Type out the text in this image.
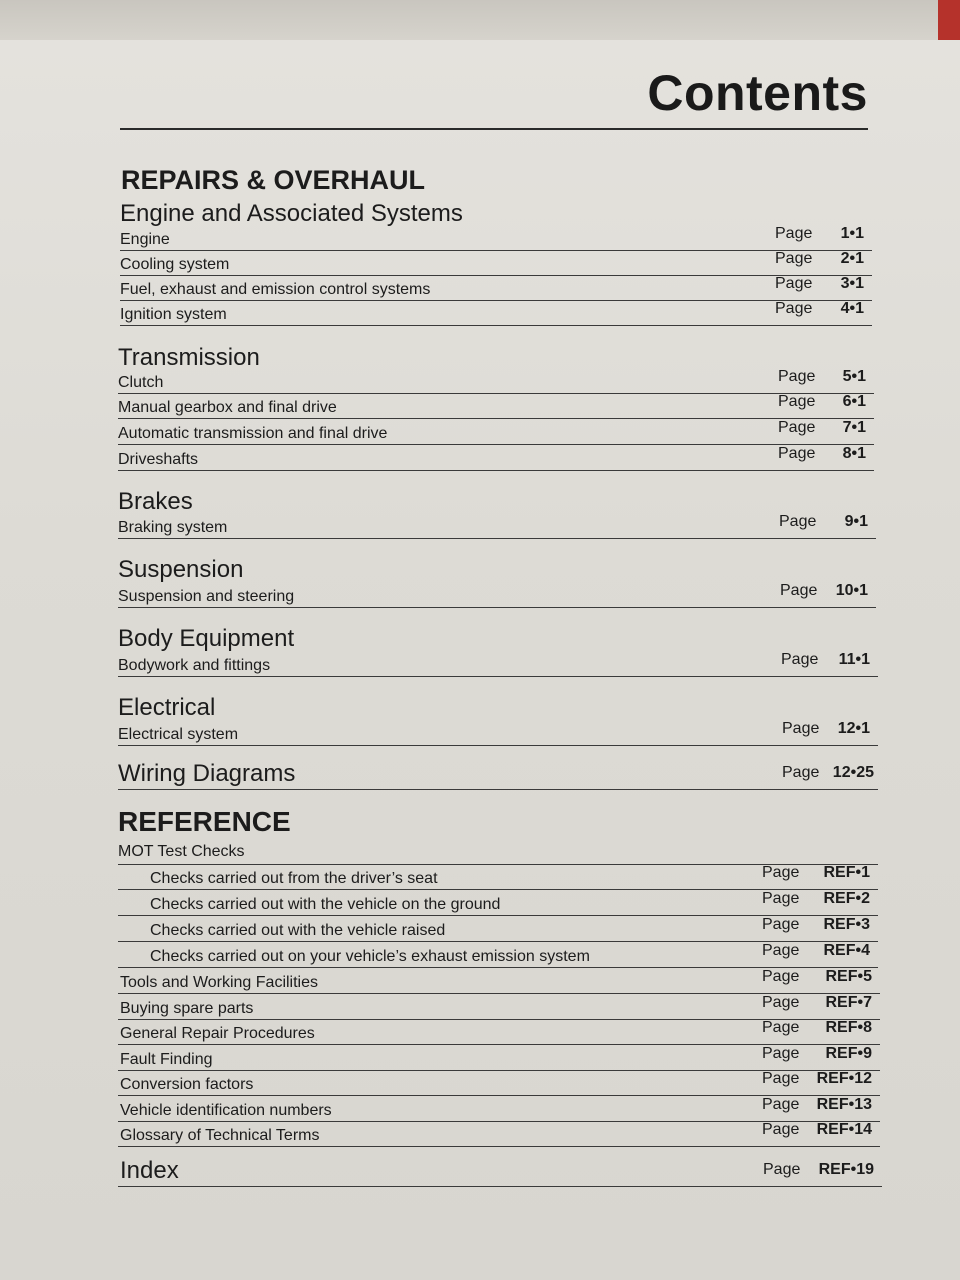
Contents
REPAIRS & OVERHAUL
Engine and Associated Systems
Engine	Page 1•1
Cooling system	Page 2•1
Fuel, exhaust and emission control systems	Page 3•1
Ignition system	Page 4•1
Transmission
Clutch	Page 5•1
Manual gearbox and final drive	Page 6•1
Automatic transmission and final drive	Page 7•1
Driveshafts	Page 8•1
Brakes
Braking system	Page 9•1
Suspension
Suspension and steering	Page 10•1
Body Equipment
Bodywork and fittings	Page 11•1
Electrical
Electrical system	Page 12•1
Wiring Diagrams	Page 12•25
REFERENCE
MOT Test Checks
Checks carried out from the driver’s seat	Page REF•1
Checks carried out with the vehicle on the ground	Page REF•2
Checks carried out with the vehicle raised	Page REF•3
Checks carried out on your vehicle’s exhaust emission system	Page REF•4
Tools and Working Facilities	Page REF•5
Buying spare parts	Page REF•7
General Repair Procedures	Page REF•8
Fault Finding	Page REF•9
Conversion factors	Page REF•12
Vehicle identification numbers	Page REF•13
Glossary of Technical Terms	Page REF•14
Index	Page REF•19
